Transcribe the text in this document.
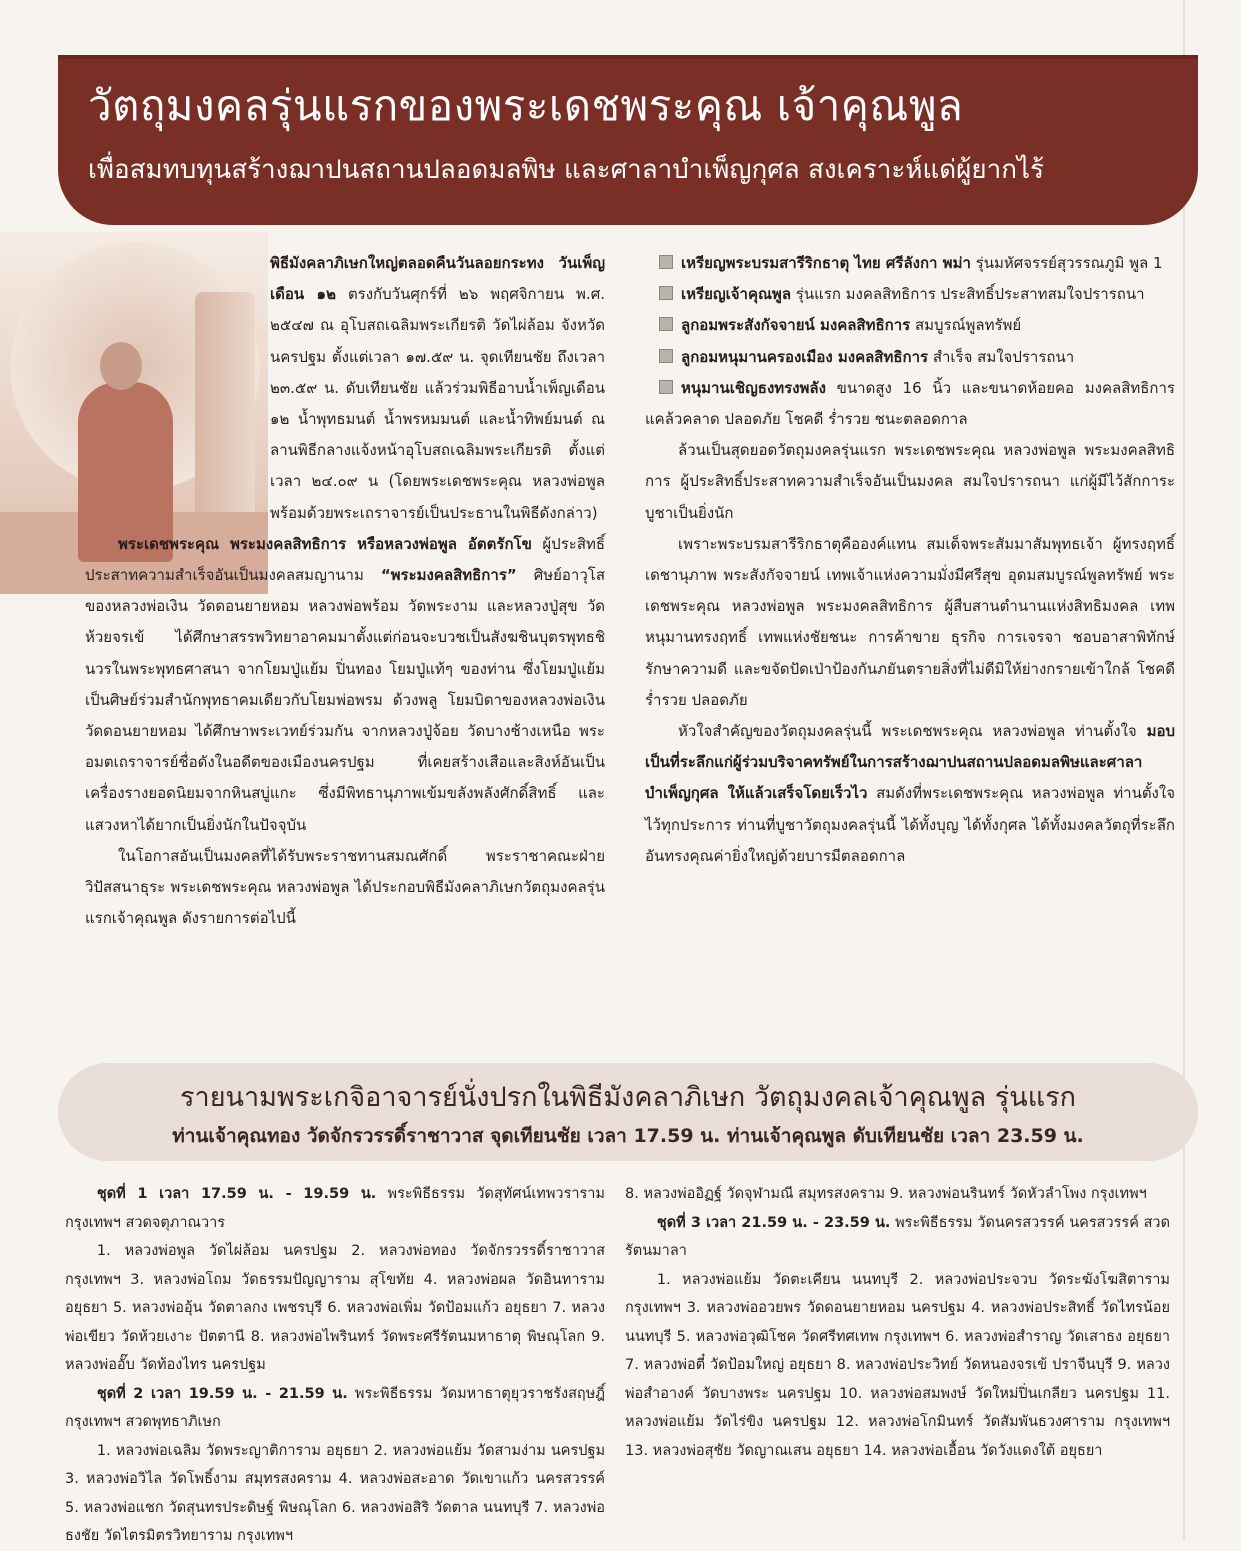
วัตถุมงคลรุ่นแรกของพระเดชพระคุณ เจ้าคุณพูล
เพื่อสมทบทุนสร้างฌาปนสถานปลอดมลพิษ และศาลาบำเพ็ญกุศล สงเคราะห์แด่ผู้ยากไร้

พิธีมังคลาภิเษกใหญ่ตลอดคืนวันลอยกระทง วันเพ็ญเดือน ๑๒ ตรงกับวันศุกร์ที่ ๒๖ พฤศจิกายน พ.ศ. ๒๕๔๗ ณ อุโบสถเฉลิมพระเกียรติ วัดไผ่ล้อม จังหวัดนครปฐม ตั้งแต่เวลา ๑๗.๕๙ น. จุดเทียนชัย ถึงเวลา ๒๓.๕๙ น. ดับเทียนชัย แล้วร่วมพิธีอาบน้ำเพ็ญเดือน ๑๒ น้ำพุทธมนต์ น้ำพรหมมนต์ และน้ำทิพย์มนต์ ณ ลานพิธีกลางแจ้งหน้าอุโบสถเฉลิมพระเกียรติ ตั้งแต่เวลา ๒๔.๐๙ น (โดยพระเดชพระคุณ หลวงพ่อพูล พร้อมด้วยพระเถราจารย์เป็นประธานในพิธีดังกล่าว)

พระเดชพระคุณ พระมงคลสิทธิการ หรือหลวงพ่อพูล อัตตรักโข ผู้ประสิทธิ์ประสาทความสำเร็จอันเป็นมงคลสมญานาม “พระมงคลสิทธิการ” ศิษย์อาวุโสของหลวงพ่อเงิน วัดดอนยายหอม หลวงพ่อพร้อม วัดพระงาม และหลวงปู่สุข วัดห้วยจรเข้ ได้ศึกษาสรรพวิทยาอาคมมาตั้งแต่ก่อนจะบวชเป็นสังฆชินบุตรพุทธชินวรในพระพุทธศาสนา จากโยมปู่แย้ม ปิ่นทอง โยมปู่แท้ๆ ของท่าน ซึ่งโยมปู่แย้มเป็นศิษย์ร่วมสำนักพุทธาคมเดียวกับโยมพ่อพรม ด้วงพลู โยมบิดาของหลวงพ่อเงิน วัดดอนยายหอม ได้ศึกษาพระเวทย์ร่วมกัน จากหลวงปู่จ้อย วัดบางช้างเหนือ พระอมตเถราจารย์ชื่อดังในอดีตของเมืองนครปฐม ที่เคยสร้างเสือและสิงห์อันเป็นเครื่องรางยอดนิยมจากหินสบู่แกะ ซึ่งมีพิทธานุภาพเข้มขลังพลังศักดิ์สิทธิ์ และแสวงหาได้ยากเป็นยิ่งนักในปัจจุบัน

ในโอกาสอันเป็นมงคลที่ได้รับพระราชทานสมณศักดิ์ พระราชาคณะฝ่ายวิปัสสนาธุระ พระเดชพระคุณ หลวงพ่อพูล ได้ประกอบพิธีมังคลาภิเษกวัตถุมงคลรุ่นแรกเจ้าคุณพูล ดังรายการต่อไปนี้

เหรียญพระบรมสารีริกธาตุ ไทย ศรีลังกา พม่า รุ่นมหัศจรรย์สุวรรณภูมิ พูล 1

เหรียญเจ้าคุณพูล รุ่นแรก มงคลสิทธิการ ประสิทธิ์ประสาทสมใจปรารถนา

ลูกอมพระสังกัจจายน์ มงคลสิทธิการ สมบูรณ์พูลทรัพย์

ลูกอมหนุมานครองเมือง มงคลสิทธิการ สำเร็จ สมใจปรารถนา

หนุมานเชิญธงทรงพลัง ขนาดสูง 16 นิ้ว และขนาดห้อยคอ มงคลสิทธิการ แคล้วคลาด ปลอดภัย โชคดี ร่ำรวย ชนะตลอดกาล

ล้วนเป็นสุดยอดวัตถุมงคลรุ่นแรก พระเดชพระคุณ หลวงพ่อพูล พระมงคลสิทธิการ ผู้ประสิทธิ์ประสาทความสำเร็จอันเป็นมงคล สมใจปรารถนา แก่ผู้มีไว้สักการะบูชาเป็นยิ่งนัก

เพราะพระบรมสารีริกธาตุคือองค์แทน สมเด็จพระสัมมาสัมพุทธเจ้า ผู้ทรงฤทธิ์เดชานุภาพ พระสังกัจจายน์ เทพเจ้าแห่งความมั่งมีศรีสุข อุดมสมบูรณ์พูลทรัพย์ พระเดชพระคุณ หลวงพ่อพูล พระมงคลสิทธิการ ผู้สืบสานตำนานแห่งสิทธิมงคล เทพหนุมานทรงฤทธิ์ เทพแห่งชัยชนะ การค้าขาย ธุรกิจ การเจรจา ชอบอาสาพิทักษ์รักษาความดี และขจัดปัดเป่าป้องกันภยันตรายสิ่งที่ไม่ดีมิให้ย่างกรายเข้าใกล้ โชคดี ร่ำรวย ปลอดภัย

หัวใจสำคัญของวัตถุมงคลรุ่นนี้ พระเดชพระคุณ หลวงพ่อพูล ท่านตั้งใจ มอบเป็นที่ระลึกแก่ผู้ร่วมบริจาคทรัพย์ในการสร้างฌาปนสถานปลอดมลพิษและศาลาบำเพ็ญกุศล ให้แล้วเสร็จโดยเร็วไว สมดังที่พระเดชพระคุณ หลวงพ่อพูล ท่านตั้งใจไว้ทุกประการ ท่านที่บูชาวัตถุมงคลรุ่นนี้ ได้ทั้งบุญ ได้ทั้งกุศล ได้ทั้งมงคลวัตถุที่ระลึก อันทรงคุณค่ายิ่งใหญ่ด้วยบารมีตลอดกาล

รายนามพระเกจิอาจารย์นั่งปรกในพิธีมังคลาภิเษก วัตถุมงคลเจ้าคุณพูล รุ่นแรก
ท่านเจ้าคุณทอง วัดจักรวรรดิ์ราชาวาส จุดเทียนชัย เวลา 17.59 น. ท่านเจ้าคุณพูล ดับเทียนชัย เวลา 23.59 น.

ชุดที่ 1 เวลา 17.59 น. - 19.59 น. พระพิธีธรรม วัดสุทัศน์เทพวราราม กรุงเทพฯ สวดจตุภาณวาร

1. หลวงพ่อพูล วัดไผ่ล้อม นครปฐม 2. หลวงพ่อทอง วัดจักรวรรดิ์ราชาวาส กรุงเทพฯ 3. หลวงพ่อโถม วัดธรรมปัญญาราม สุโขทัย 4. หลวงพ่อผล วัดอินทาราม อยุธยา 5. หลวงพ่ออุ้น วัดตาลกง เพชรบุรี 6. หลวงพ่อเพิ่ม วัดป้อมแก้ว อยุธยา 7. หลวงพ่อเขียว วัดห้วยเงาะ ปัตตานี 8. หลวงพ่อไพรินทร์ วัดพระศรีรัตนมหาธาตุ พิษณุโลก 9. หลวงพ่ออั๊บ วัดท้องไทร นครปฐม

ชุดที่ 2 เวลา 19.59 น. - 21.59 น. พระพิธีธรรม วัดมหาธาตุยุวราชรังสฤษฎิ์ กรุงเทพฯ สวดพุทธาภิเษก

1. หลวงพ่อเฉลิม วัดพระญาติการาม อยุธยา 2. หลวงพ่อแย้ม วัดสามง่าม นครปฐม 3. หลวงพ่อวิไล วัดโพธิ์งาม สมุทรสงคราม 4. หลวงพ่อสะอาด วัดเขาแก้ว นครสวรรค์ 5. หลวงพ่อแชก วัดสุนทรประดิษฐ์ พิษณุโลก 6. หลวงพ่อสิริ วัดตาล นนทบุรี 7. หลวงพ่อธงชัย วัดไตรมิตรวิทยาราม กรุงเทพฯ

8. หลวงพ่ออิฏฐ์ วัดจุฬามณี สมุทรสงคราม 9. หลวงพ่อนรินทร์ วัดหัวลำโพง กรุงเทพฯ

ชุดที่ 3 เวลา 21.59 น. - 23.59 น. พระพิธีธรรม วัดนครสวรรค์ นครสวรรค์ สวดรัตนมาลา

1. หลวงพ่อแย้ม วัดตะเคียน นนทบุรี 2. หลวงพ่อประจวบ วัดระฆังโฆสิตาราม กรุงเทพฯ 3. หลวงพ่ออวยพร วัดดอนยายหอม นครปฐม 4. หลวงพ่อประสิทธิ์ วัดไทรน้อย นนทบุรี 5. หลวงพ่อวุฒิโชค วัดศรีทศเทพ กรุงเทพฯ 6. หลวงพ่อสำราญ วัดเสาธง อยุธยา 7. หลวงพ่อตี๋ วัดป้อมใหญ่ อยุธยา 8. หลวงพ่อประวิทย์ วัดหนองจรเข้ ปราจีนบุรี 9. หลวงพ่อสำอางค์ วัดบางพระ นครปฐม 10. หลวงพ่อสมพงษ์ วัดใหม่ปิ่นเกลียว นครปฐม 11. หลวงพ่อแย้ม วัดไร่ขิง นครปฐม 12. หลวงพ่อโกมินทร์ วัดสัมพันธวงศาราม กรุงเทพฯ 13. หลวงพ่อสุชัย วัดญาณเสน อยุธยา 14. หลวงพ่อเอื้อน วัดวังแดงใต้ อยุธยา
